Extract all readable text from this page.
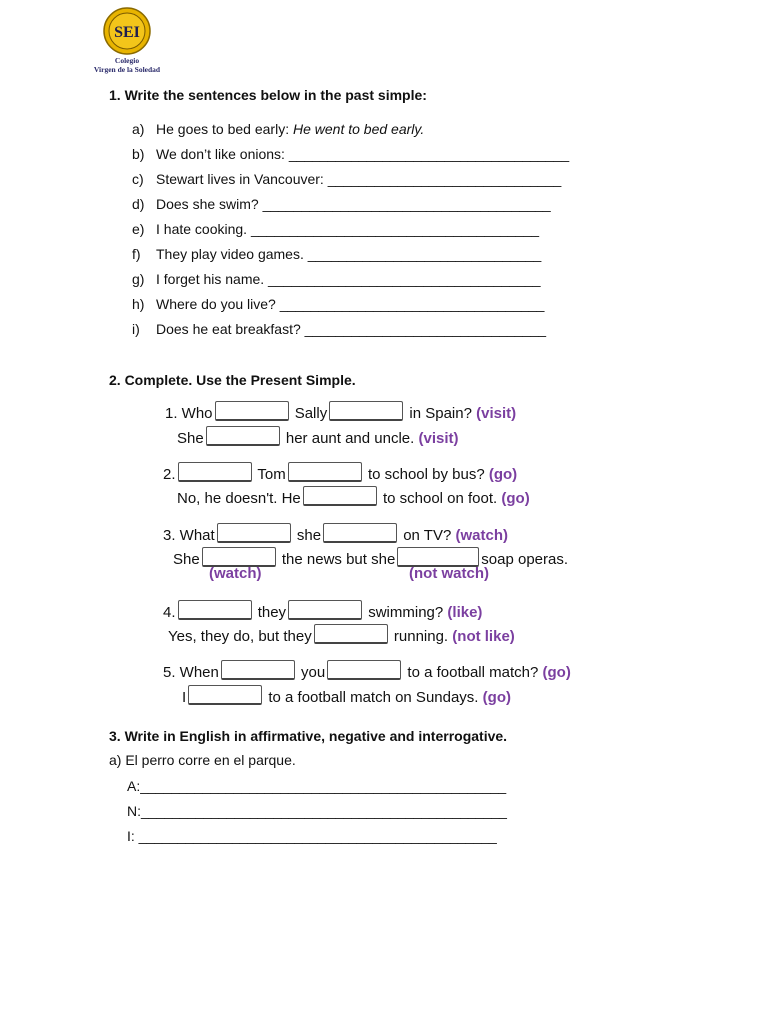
SEI
Colegio
Virgen de la Soledad
1. Write the sentences below in the past simple:
a) He goes to bed early: He went to bed early.
b) We don’t like onions: ____________________________________
c) Stewart lives in Vancouver: ______________________________
d) Does she swim? _____________________________________
e) I hate cooking. _____________________________________
f) They play video games. ______________________________
g) I forget his name. ___________________________________
h) Where do you live? __________________________________
i) Does he eat breakfast? _______________________________
2. Complete. Use the Present Simple.
1. Who	Sally	in Spain? (visit)
She	her aunt and uncle. (visit)
2.	Tom	to school by bus? (go)
No, he doesn't. He	to school on foot. (go)
3. What	she	on TV? (watch)
She	the news but she	soap operas.
(watch)	(not watch)
4.	they	swimming? (like)
Yes, they do, but they	running. (not like)
5. When	you	to a football match? (go)
I	to a football match on Sundays. (go)
3. Write in English in affirmative, negative and interrogative.
a) El perro corre en el parque.
A:_______________________________________________
N:_______________________________________________
I: ______________________________________________
